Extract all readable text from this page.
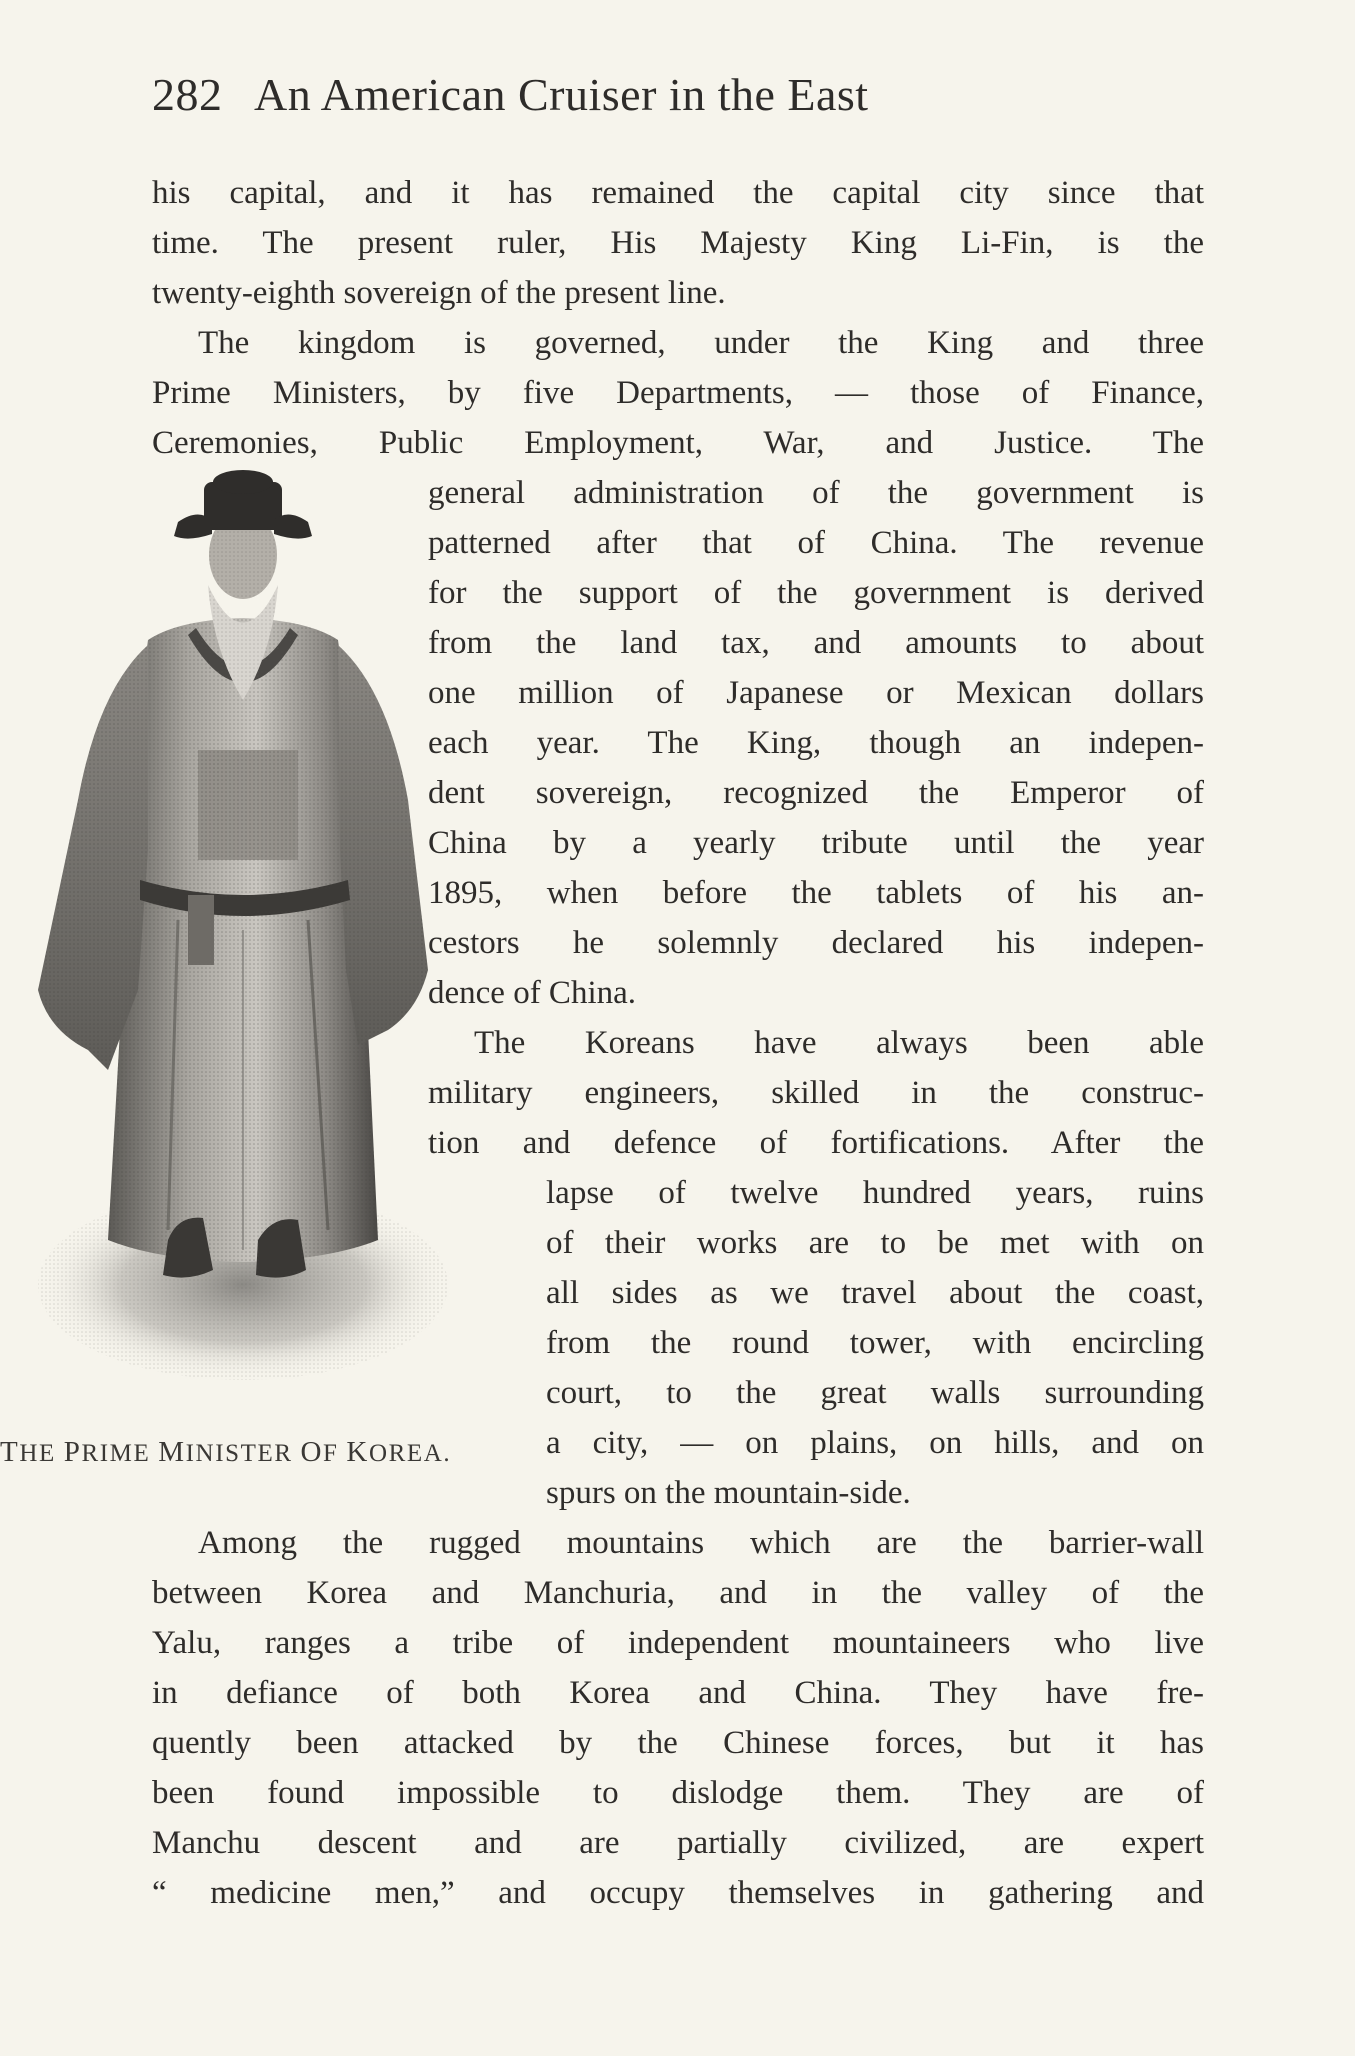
282 An American Cruiser in the East
his capital, and it has remained the capital city since that
time. The present ruler, His Majesty King Li-Fin, is the
twenty-eighth sovereign of the present line.
The kingdom is governed, under the King and three
Prime Ministers, by five Departments, — those of Finance,
Ceremonies, Public Employment, War, and Justice. The
general administration of the government is
patterned after that of China. The revenue
for the support of the government is derived
from the land tax, and amounts to about
one million of Japanese or Mexican dollars
each year. The King, though an indepen-
dent sovereign, recognized the Emperor of
China by a yearly tribute until the year
1895, when before the tablets of his an-
cestors he solemnly declared his indepen-
dence of China.
The Koreans have always been able
military engineers, skilled in the construc-
tion and defence of fortifications. After the
lapse of twelve hundred years, ruins
of their works are to be met with on
all sides as we travel about the coast,
from the round tower, with encircling
court, to the great walls surrounding
a city, — on plains, on hills, and on
spurs on the mountain-side.
Among the rugged mountains which are the barrier-wall
between Korea and Manchuria, and in the valley of the
Yalu, ranges a tribe of independent mountaineers who live
in defiance of both Korea and China. They have fre-
quently been attacked by the Chinese forces, but it has
been found impossible to dislodge them. They are of
Manchu descent and are partially civilized, are expert
“ medicine men,” and occupy themselves in gathering and
THE PRIME MINISTER OF KOREA.
